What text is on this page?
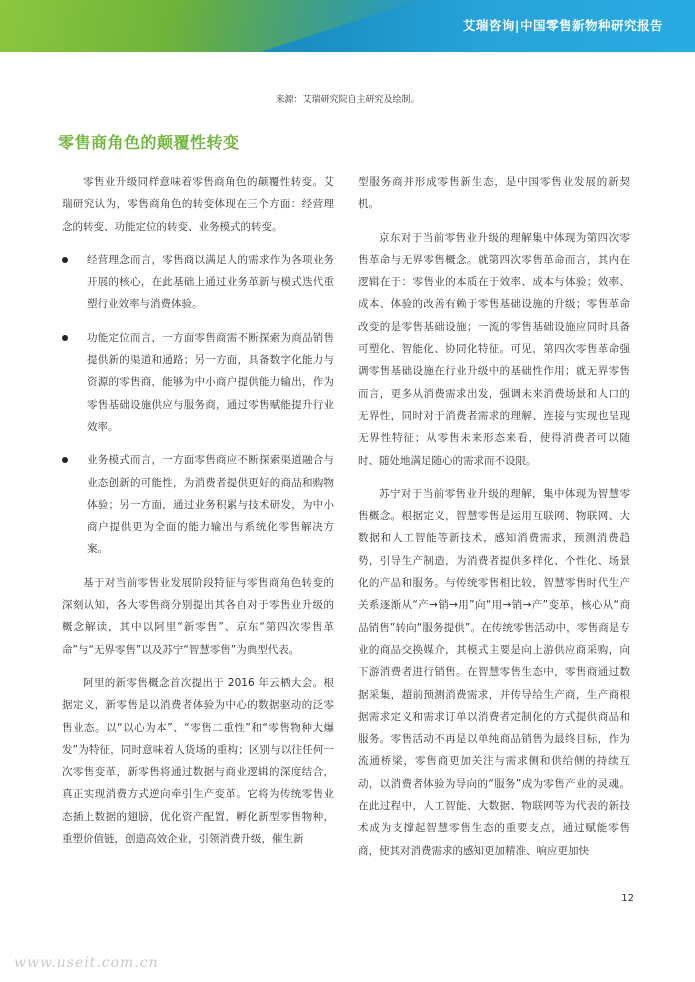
艾瑞咨询|中国零售新物种研究报告
来源：艾瑞研究院自主研究及绘制。
零售商角色的颠覆性转变

零售业升级同样意味着零售商角色的颠覆性转变。艾瑞研究认为，零售商角色的转变体现在三个方面：经营理念的转变、功能定位的转变、业务模式的转变。

经营理念而言，零售商以满足人的需求作为各项业务开展的核心，在此基础上通过业务革新与模式迭代重塑行业效率与消费体验。
功能定位而言，一方面零售商需不断探索为商品销售提供新的渠道和通路；另一方面，具备数字化能力与资源的零售商，能够为中小商户提供能力输出，作为零售基础设施供应与服务商，通过零售赋能提升行业效率。
业务模式而言，一方面零售商应不断探索渠道融合与业态创新的可能性，为消费者提供更好的商品和购物体验；另一方面，通过业务积累与技术研发，为中小商户提供更为全面的能力输出与系统化零售解决方案。

基于对当前零售业发展阶段特征与零售商角色转变的深刻认知，各大零售商分别提出其各自对于零售业升级的概念解读，其中以阿里“新零售”、京东“第四次零售革命”与“无界零售”以及苏宁“智慧零售”为典型代表。

阿里的新零售概念首次提出于 2016 年云栖大会。根据定义，新零售是以消费者体验为中心的数据驱动的泛零售业态。以“以心为本”、“零售二重性”和“零售物种大爆发”为特征，同时意味着人货场的重构；区别与以往任何一次零售变革，新零售将通过数据与商业逻辑的深度结合，真正实现消费方式逆向牵引生产变革。它将为传统零售业态插上数据的翅膀，优化资产配置，孵化新型零售物种，重塑价值链，创造高效企业，引领消费升级，催生新

型服务商并形成零售新生态，是中国零售业发展的新契机。

京东对于当前零售业升级的理解集中体现为第四次零售革命与无界零售概念。就第四次零售革命而言，其内在逻辑在于：零售业的本质在于效率、成本与体验；效率、成本、体验的改善有赖于零售基础设施的升级；零售革命改变的是零售基础设施；一流的零售基础设施应同时具备可塑化、智能化、协同化特征。可见，第四次零售革命强调零售基础设施在行业升级中的基础性作用；就无界零售而言，更多从消费需求出发，强调未来消费场景和人口的无界性，同时对于消费者需求的理解、连接与实现也呈现无界性特征；从零售未来形态来看，使得消费者可以随时、随处地满足随心的需求而不设限。

苏宁对于当前零售业升级的理解，集中体现为智慧零售概念。根据定义，智慧零售是运用互联网、物联网、大数据和人工智能等新技术，感知消费需求，预测消费趋势，引导生产制造，为消费者提供多样化、个性化、场景化的产品和服务。与传统零售相比较，智慧零售时代生产关系逐渐从“产→销→用”向“用→销→产”变革，核心从“商品销售”转向“服务提供”。在传统零售活动中，零售商是专业的商品交换媒介，其模式主要是向上游供应商采购，向下游消费者进行销售。在智慧零售生态中，零售商通过数据采集，超前预测消费需求，并传导给生产商，生产商根据需求定义和需求订单以消费者定制化的方式提供商品和服务。零售活动不再是以单纯商品销售为最终目标，作为流通桥梁，零售商更加关注与需求侧和供给侧的持续互动，以消费者体验为导向的“服务”成为零售产业的灵魂。在此过程中，人工智能、大数据、物联网等为代表的新技术成为支撑起智慧零售生态的重要支点，通过赋能零售商，使其对消费需求的感知更加精准、响应更加快

12
www.useit.com.cn
